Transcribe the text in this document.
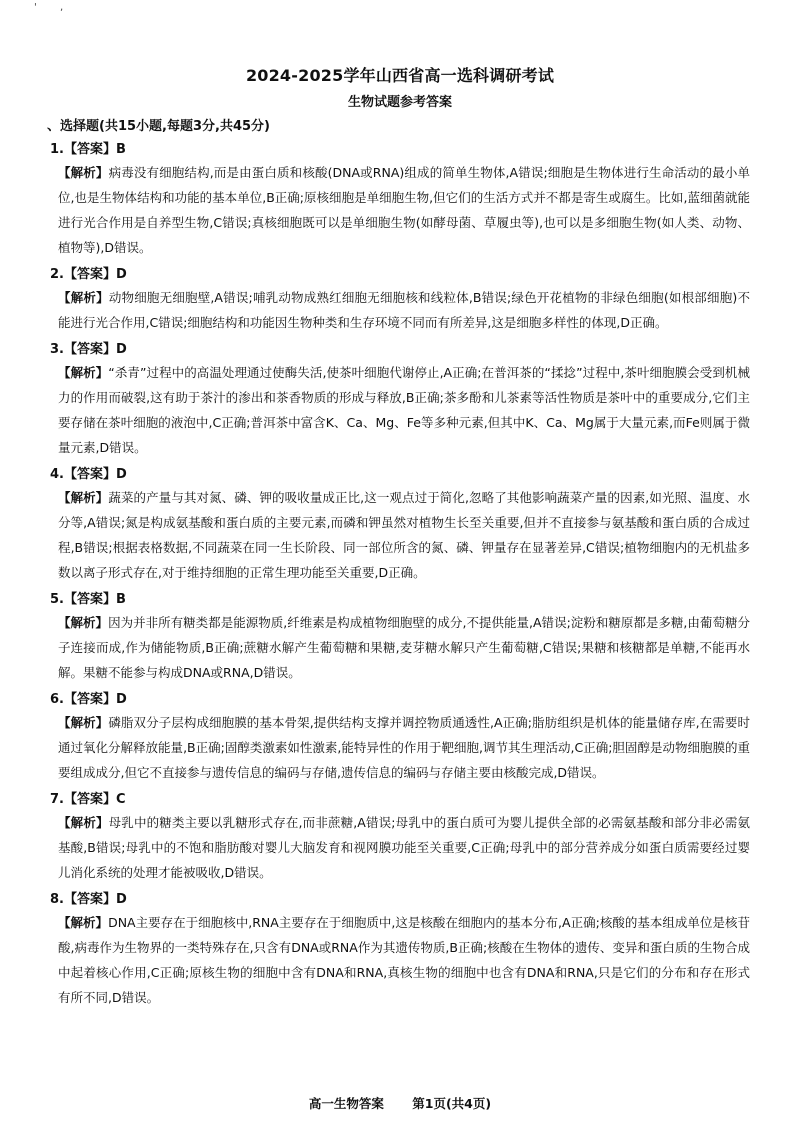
' ,
2024-2025学年山西省高一选科调研考试
生物试题参考答案
、选择题(共15小题,每题3分,共45分)
1.【答案】B

【解析】病毒没有细胞结构,而是由蛋白质和核酸(DNA或RNA)组成的简单生物体,A错误;细胞是生物体进行生命活动的最小单位,也是生物体结构和功能的基本单位,B正确;原核细胞是单细胞生物,但它们的生活方式并不都是寄生或腐生。比如,蓝细菌就能进行光合作用是自养型生物,C错误;真核细胞既可以是单细胞生物(如酵母菌、草履虫等),也可以是多细胞生物(如人类、动物、植物等),D错误。

2.【答案】D

【解析】动物细胞无细胞壁,A错误;哺乳动物成熟红细胞无细胞核和线粒体,B错误;绿色开花植物的非绿色细胞(如根部细胞)不能进行光合作用,C错误;细胞结构和功能因生物种类和生存环境不同而有所差异,这是细胞多样性的体现,D正确。

3.【答案】D

【解析】“杀青”过程中的高温处理通过使酶失活,使茶叶细胞代谢停止,A正确;在普洱茶的“揉捻”过程中,茶叶细胞膜会受到机械力的作用而破裂,这有助于茶汁的渗出和茶香物质的形成与释放,B正确;茶多酚和儿茶素等活性物质是茶叶中的重要成分,它们主要存储在茶叶细胞的液泡中,C正确;普洱茶中富含K、Ca、Mg、Fe等多种元素,但其中K、Ca、Mg属于大量元素,而Fe则属于微量元素,D错误。

4.【答案】D

【解析】蔬菜的产量与其对氮、磷、钾的吸收量成正比,这一观点过于简化,忽略了其他影响蔬菜产量的因素,如光照、温度、水分等,A错误;氮是构成氨基酸和蛋白质的主要元素,而磷和钾虽然对植物生长至关重要,但并不直接参与氨基酸和蛋白质的合成过程,B错误;根据表格数据,不同蔬菜在同一生长阶段、同一部位所含的氮、磷、钾量存在显著差异,C错误;植物细胞内的无机盐多数以离子形式存在,对于维持细胞的正常生理功能至关重要,D正确。

5.【答案】B

【解析】因为并非所有糖类都是能源物质,纤维素是构成植物细胞壁的成分,不提供能量,A错误;淀粉和糖原都是多糖,由葡萄糖分子连接而成,作为储能物质,B正确;蔗糖水解产生葡萄糖和果糖,麦芽糖水解只产生葡萄糖,C错误;果糖和核糖都是单糖,不能再水解。果糖不能参与构成DNA或RNA,D错误。

6.【答案】D

【解析】磷脂双分子层构成细胞膜的基本骨架,提供结构支撑并调控物质通透性,A正确;脂肪组织是机体的能量储存库,在需要时通过氧化分解释放能量,B正确;固醇类激素如性激素,能特异性的作用于靶细胞,调节其生理活动,C正确;胆固醇是动物细胞膜的重要组成成分,但它不直接参与遗传信息的编码与存储,遗传信息的编码与存储主要由核酸完成,D错误。

7.【答案】C

【解析】母乳中的糖类主要以乳糖形式存在,而非蔗糖,A错误;母乳中的蛋白质可为婴儿提供全部的必需氨基酸和部分非必需氨基酸,B错误;母乳中的不饱和脂肪酸对婴儿大脑发育和视网膜功能至关重要,C正确;母乳中的部分营养成分如蛋白质需要经过婴儿消化系统的处理才能被吸收,D错误。

8.【答案】D

【解析】DNA主要存在于细胞核中,RNA主要存在于细胞质中,这是核酸在细胞内的基本分布,A正确;核酸的基本组成单位是核苷酸,病毒作为生物界的一类特殊存在,只含有DNA或RNA作为其遗传物质,B正确;核酸在生物体的遗传、变异和蛋白质的生物合成中起着核心作用,C正确;原核生物的细胞中含有DNA和RNA,真核生物的细胞中也含有DNA和RNA,只是它们的分布和存在形式有所不同,D错误。

高一生物答案 第1页(共4页)
